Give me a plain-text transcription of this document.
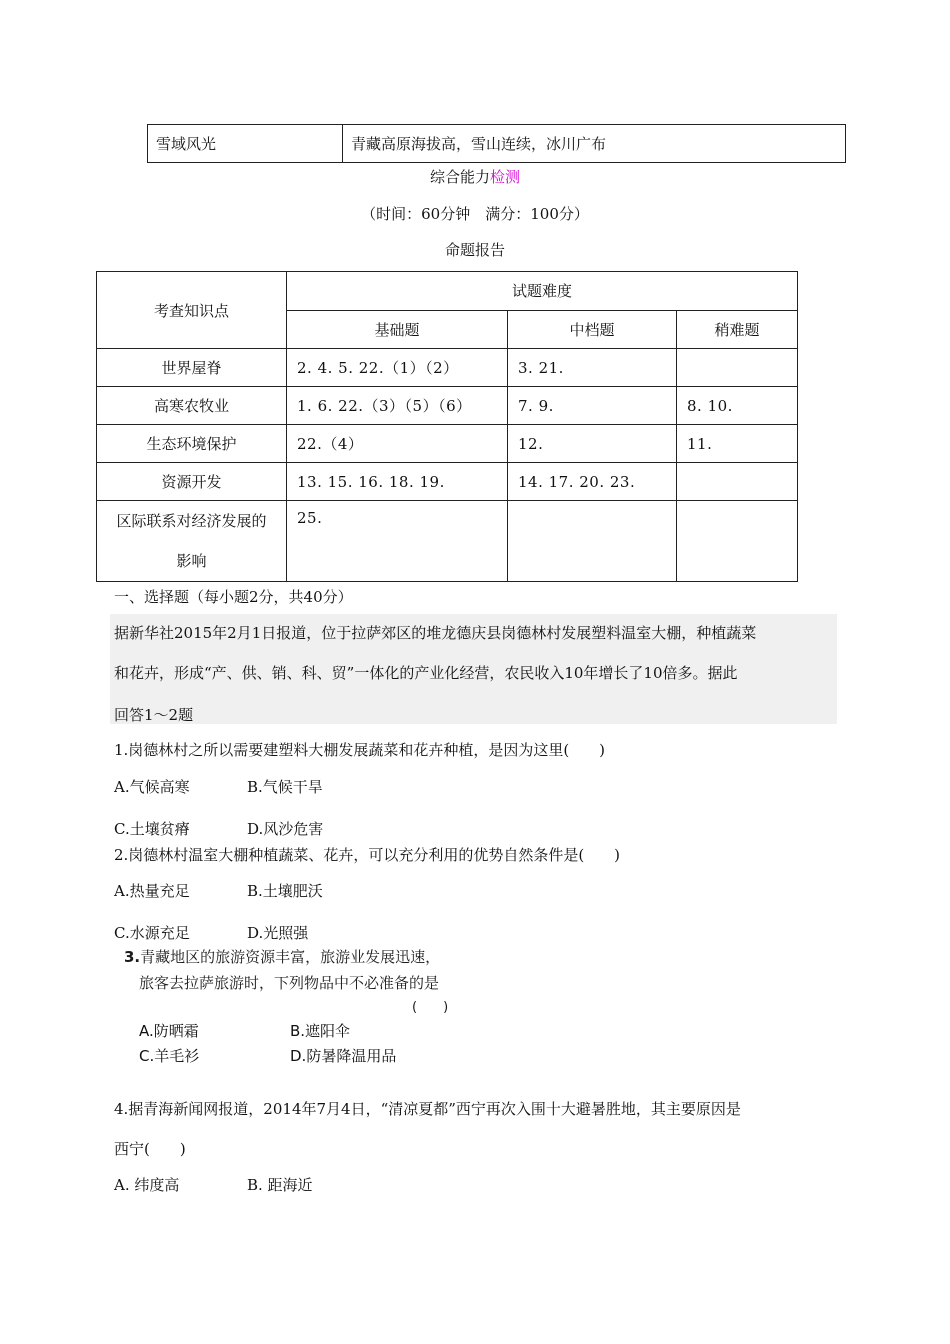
雪域风光	青藏高原海拔高，雪山连续，冰川广布
综合能力检测
（时间：60分钟　满分：100分）
命题报告
考查知识点	试题难度		
	基础题	中档题	稍难题
世界屋脊	2. 4. 5. 22.（1）（2）	3. 21.	
高寒农牧业	1. 6. 22.（3）（5）（6）	7. 9.	8. 10.
生态环境保护	22.（4）	12.	11.
资源开发	13. 15. 16. 18. 19.	14. 17. 20. 23.	

区际联系对经济发展的
影响	25.		
一、选择题（每小题2分，共40分）
据新华社2015年2月1日报道，位于拉萨郊区的堆龙德庆县岗德林村发展塑料温室大棚，种植蔬菜
和花卉，形成“产、供、销、科、贸”一体化的产业化经营，农民收入10年增长了10倍多。据此
回答1～2题
1.岗德林村之所以需要建塑料大棚发展蔬菜和花卉种植，是因为这里(　　)
A.气候高寒	B.气候干旱
C.土壤贫瘠	D.风沙危害
2.岗德林村温室大棚种植蔬菜、花卉，可以充分利用的优势自然条件是(　　)
A.热量充足	B.土壤肥沃
C.水源充足	D.光照强
3.青藏地区的旅游资源丰富，旅游业发展迅速，
旅客去拉萨旅游时，下列物品中不必准备的是
(　　)
A.防晒霜	B.遮阳伞
C.羊毛衫	D.防暑降温用品
4.据青海新闻网报道，2014年7月4日，“清凉夏都”西宁再次入围十大避暑胜地，其主要原因是
西宁(　　)
A. 纬度高	B. 距海近
